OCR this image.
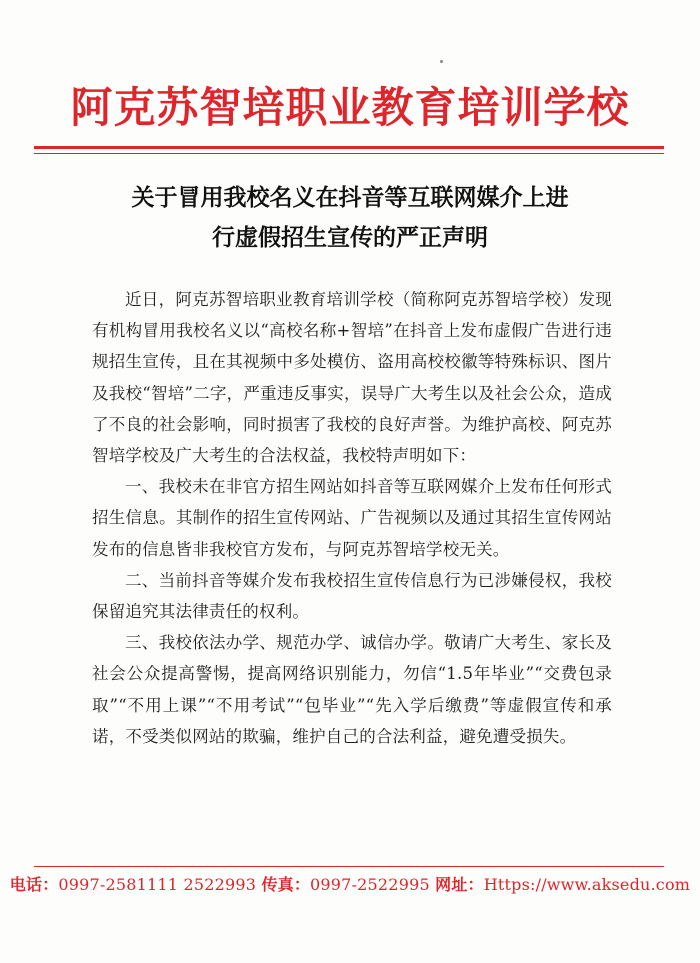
阿克苏智培职业教育培训学校
关于冒用我校名义在抖音等互联网媒介上进
行虚假招生宣传的严正声明

近日，阿克苏智培职业教育培训学校（简称阿克苏智培学校）发现有机构冒用我校名义以“高校名称+智培”在抖音上发布虚假广告进行违规招生宣传，且在其视频中多处模仿、盗用高校校徽等特殊标识、图片及我校“智培”二字，严重违反事实，误导广大考生以及社会公众，造成了不良的社会影响，同时损害了我校的良好声誉。为维护高校、阿克苏智培学校及广大考生的合法权益，我校特声明如下：

一、我校未在非官方招生网站如抖音等互联网媒介上发布任何形式招生信息。其制作的招生宣传网站、广告视频以及通过其招生宣传网站发布的信息皆非我校官方发布，与阿克苏智培学校无关。

二、当前抖音等媒介发布我校招生宣传信息行为已涉嫌侵权，我校保留追究其法律责任的权利。

三、我校依法办学、规范办学、诚信办学。敬请广大考生、家长及社会公众提高警惕，提高网络识别能力，勿信“1.5年毕业”“交费包录取”“不用上课”“不用考试”“包毕业”“先入学后缴费”等虚假宣传和承诺，不受类似网站的欺骗，维护自己的合法利益，避免遭受损失。

电话：0997-2581111 2522993 传真：0997-2522995 网址：Https://www.aksedu.com
